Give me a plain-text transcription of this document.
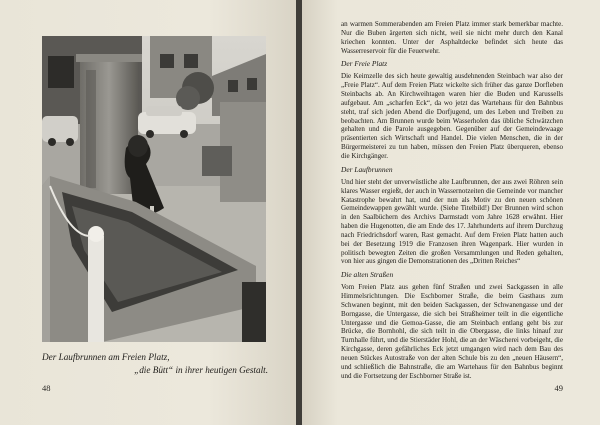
Der Laufbrunnen am Freien Platz,
„die Bütt“ in ihrer heutigen Gestalt.
48

an warmen Sommerabenden am Freien Platz immer stark bemerkbar machte. Nur die Buben ärgerten sich nicht, weil sie nicht mehr durch den Kanal kriechen konnten. Unter der Asphaltdecke befindet sich heute das Wasserreservoir für die Feuerwehr.

Der Freie Platz

Die Keimzelle des sich heute gewaltig ausdehnenden Steinbach war also der „Freie Platz“. Auf dem Freien Platz wickelte sich früher das ganze Dorfleben Steinbachs ab. An Kirchweihtagen waren hier die Buden und Karussells aufgebaut. Am „scharfen Eck“, da wo jetzt das Wartehaus für den Bahnbus steht, traf sich jeden Abend die Dorfjugend, um des Leben und Treiben zu beobachten. Am Brunnen wurde beim Wasserholen das übliche Schwätzchen gehalten und die Parole ausgegeben. Gegenüber auf der Gemeindewaage präsentierten sich Wirtschaft und Handel. Die vielen Menschen, die in der Bürgermeisterei zu tun haben, müssen den Freien Platz überqueren, ebenso die Kirchgänger.

Der Laufbrunnen

Und hier steht der unverwüstliche alte Laufbrunnen, der aus zwei Röhren sein klares Wasser ergießt, der auch in Wassernotzeiten die Gemeinde vor mancher Katastrophe bewahrt hat, und der nun als Motiv zu den neuen schönen Gemeindewappen gewählt wurde. (Siehe Titelbild!) Der Brunnen wird schon in den Saalbüchern des Archivs Darmstadt vom Jahre 1628 erwähnt. Hier haben die Hugenotten, die am Ende des 17. Jahrhunderts auf ihrem Durchzug nach Friedrichsdorf waren, Rast gemacht. Auf dem Freien Platz hatten auch bei der Besetzung 1919 die Franzosen ihren Wagenpark. Hier wurden in politisch bewegten Zeiten die großen Versammlungen und Reden gehalten, von hier aus gingen die Demonstrationen des „Dritten Reiches“

Die alten Straßen

Vom Freien Platz aus gehen fünf Straßen und zwei Sackgassen in alle Himmelsrichtungen. Die Eschborner Straße, die beim Gasthaus zum Schwanen beginnt, mit den beiden Sackgassen, der Schwanengasse und der Borngasse, die Untergasse, die sich bei Straßheimer teilt in die eigentliche Untergasse und die Gemoa-Gasse, die am Steinbach entlang geht bis zur Brücke, die Bornhohl, die sich teilt in die Obergasse, die links hinauf zur Turnhalle führt, und die Stierstäder Hohl, die an der Wäscherei vorbeigeht, die Kirchgasse, deren gefährliches Eck jetzt umgangen wird nach dem Bau des neuen Stückes Autostraße von der alten Schule bis zu den „neuen Häusern“, und schließlich die Bahnstraße, die am Wartehaus für den Bahnbus beginnt und die Fortsetzung der Eschborner Straße ist.

49
